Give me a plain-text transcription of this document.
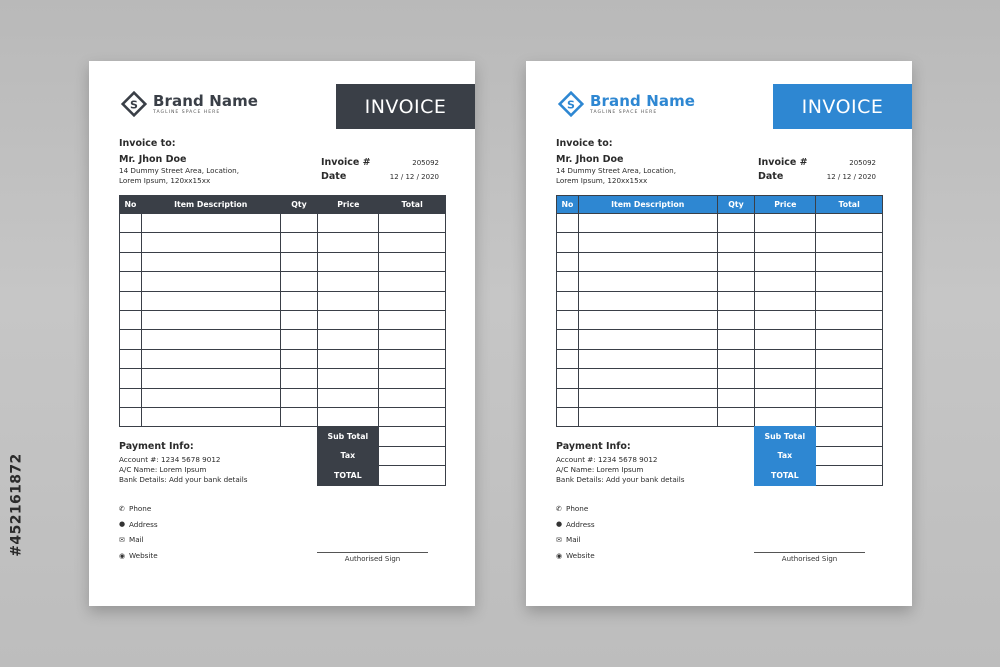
#452161872
S Brand Name
TAGLINE SPACE HERE	INVOICE
Invoice to:
Mr. Jhon Doe
14 Dummy Street Area, Location,
Lorem Ipsum, 120xx15xx
Invoice #	205092
Date	12 / 12 / 2020
No	Item Description	Qty	Price	Total

Sub Total	
Tax	
TOTAL	
Payment Info:
Account #: 1234 5678 9012
A/C Name: Lorem Ipsum
Bank Details: Add your bank details
✆ Phone
● Address
✉ Mail
◉ Website	Authorised Sign
S Brand Name
TAGLINE SPACE HERE	INVOICE
Invoice to:
Mr. Jhon Doe
14 Dummy Street Area, Location,
Lorem Ipsum, 120xx15xx
Invoice #	205092
Date	12 / 12 / 2020
No	Item Description	Qty	Price	Total

Sub Total	
Tax	
TOTAL	
Payment Info:
Account #: 1234 5678 9012
A/C Name: Lorem Ipsum
Bank Details: Add your bank details
✆ Phone
● Address
✉ Mail
◉ Website	Authorised Sign
